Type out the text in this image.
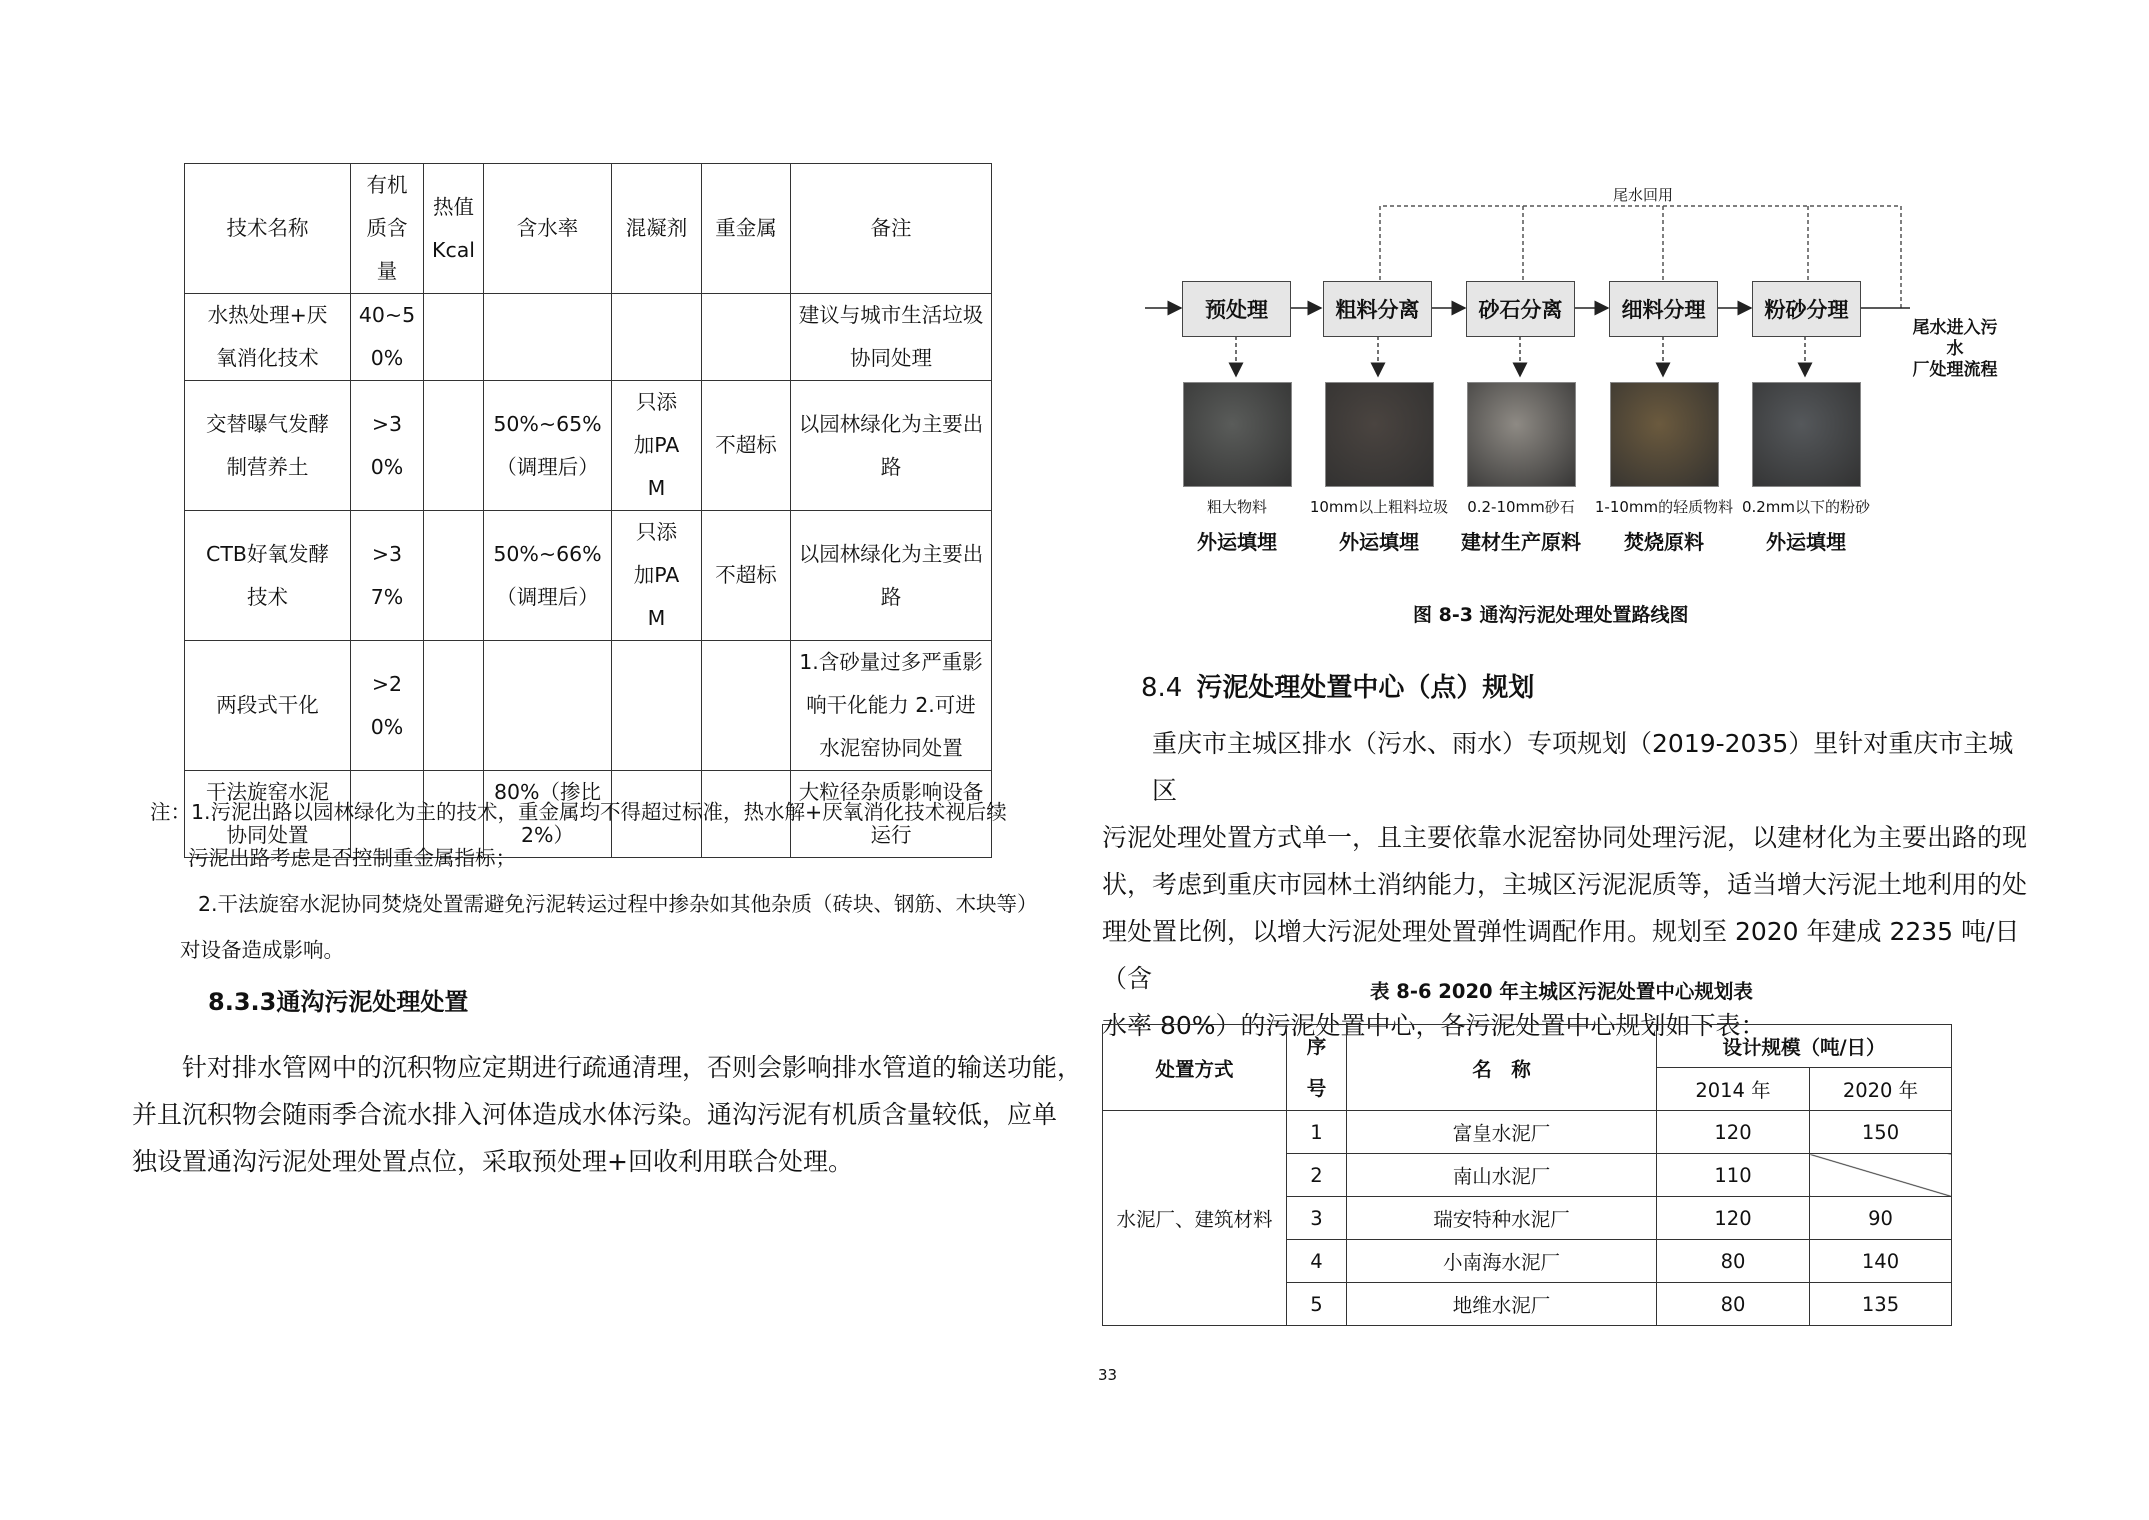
技术名称	有机质含量	热值Kcal	含水率	混凝剂	重金属	备注

水热处理+厌氧消化技术	40~50%					建议与城市生活垃圾协同处理

交替曝气发酵制营养土	>30%		50%~65%（调理后）	只添加PAM	不超标	以园林绿化为主要出路

CTB好氧发酵技术	>37%		50%~66%（调理后）	只添加PAM	不超标	以园林绿化为主要出路

两段式干化	>20%					1.含砂量过多严重影响干化能力 2.可进水泥窑协同处置

干法旋窑水泥协同处置			80%（掺比2%）			大粒径杂质影响设备运行

注：1.污泥出路以园林绿化为主的技术，重金属均不得超过标准，热水解+厌氧消化技术视后续

污泥出路考虑是否控制重金属指标；

2.干法旋窑水泥协同焚烧处置需避免污泥转运过程中掺杂如其他杂质（砖块、钢筋、木块等）

对设备造成影响。

8.3.3通沟污泥处理处置

针对排水管网中的沉积物应定期进行疏通清理，否则会影响排水管道的输送功能，

并且沉积物会随雨季合流水排入河体造成水体污染。通沟污泥有机质含量较低，应单

独设置通沟污泥处理处置点位，采取预处理+回收利用联合处理。

尾水回用
预处理	粗料分离	砂石分离	细料分理	粉砂分理
尾水进入污水
厂处理流程
粗大物料	10mm以上粗料垃圾	0.2-10mm砂石	1-10mm的轻质物料 0.2mm以下的粉砂
外运填埋	外运填埋	建材生产原料	焚烧原料	外运填埋
图 8-3 通沟污泥处理处置路线图
8.4 污泥处理处置中心（点）规划

重庆市主城区排水（污水、雨水）专项规划（2019-2035）里针对重庆市主城区

污泥处理处置方式单一，且主要依靠水泥窑协同处理污泥，以建材化为主要出路的现

状，考虑到重庆市园林土消纳能力，主城区污泥泥质等，适当增大污泥土地利用的处

理处置比例，以增大污泥处理处置弹性调配作用。规划至 2020 年建成 2235 吨/日（含

水率 80%）的污泥处置中心，各污泥处置中心规划如下表：

表 8-6 2020 年主城区污泥处置中心规划表
处置方式	序号	名　称	设计规模（吨/日）	
			2014 年	2020 年
水泥厂、建筑材料	1	富皇水泥厂	120	150
	2	南山水泥厂	110	
	3	瑞安特种水泥厂	120	90
	4	小南海水泥厂	80	140
	5	地维水泥厂	80	135
33
